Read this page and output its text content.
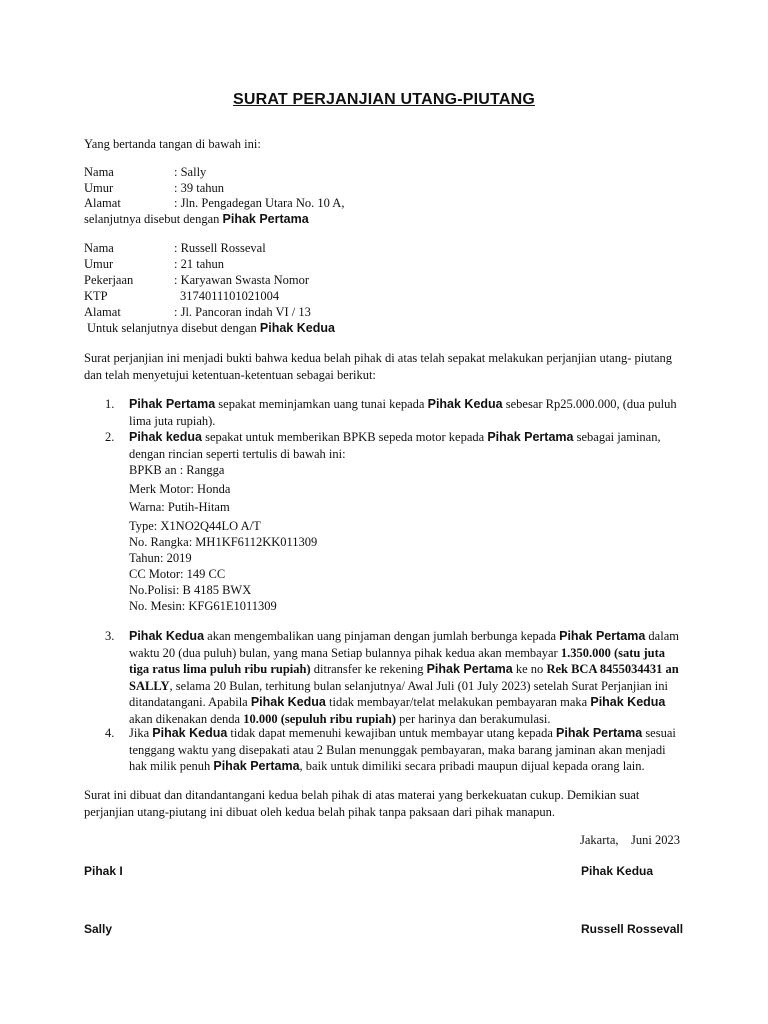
SURAT PERJANJIAN UTANG-PIUTANG
Yang bertanda tangan di bawah ini:
Nama	: Sally
Umur	: 39 tahun
Alamat	: Jln. Pengadegan Utara No. 10 A,
selanjutnya disebut dengan Pihak Pertama
Nama	: Russell Rosseval
Umur	: 21 tahun
Pekerjaan	: Karyawan Swasta Nomor
KTP	3174011101021004
Alamat	: Jl. Pancoran indah VI / 13
Untuk selanjutnya disebut dengan Pihak Kedua
Surat perjanjian ini menjadi bukti bahwa kedua belah pihak di atas telah sepakat melakukan perjanjian utang- piutang dan telah menyetujui ketentuan-ketentuan sebagai berikut:
1. Pihak Pertama sepakat meminjamkan uang tunai kepada Pihak Kedua sebesar Rp25.000.000, (dua puluh lima juta rupiah).
2. Pihak kedua sepakat untuk memberikan BPKB sepeda motor kepada Pihak Pertama sebagai jaminan, dengan rincian seperti tertulis di bawah ini:
BPKB an : Rangga
Merk Motor: Honda
Warna: Putih-Hitam
Type: X1NO2Q44LO A/T
No. Rangka: MH1KF6112KK011309
Tahun: 2019
CC Motor: 149 CC
No.Polisi: B 4185 BWX
No. Mesin: KFG61E1011309
3. Pihak Kedua akan mengembalikan uang pinjaman dengan jumlah berbunga kepada Pihak Pertama dalam waktu 20 (dua puluh) bulan, yang mana Setiap bulannya pihak kedua akan membayar 1.350.000 (satu juta tiga ratus lima puluh ribu rupiah) ditransfer ke rekening Pihak Pertama ke no Rek BCA 8455034431 an SALLY, selama 20 Bulan, terhitung bulan selanjutnya/ Awal Juli (01 July 2023) setelah Surat Perjanjian ini ditandatangani. Apabila Pihak Kedua tidak membayar/telat melakukan pembayaran maka Pihak Kedua akan dikenakan denda 10.000 (sepuluh ribu rupiah) per harinya dan berakumulasi.
4. Jika Pihak Kedua tidak dapat memenuhi kewajiban untuk membayar utang kepada Pihak Pertama sesuai tenggang waktu yang disepakati atau 2 Bulan menunggak pembayaran, maka barang jaminan akan menjadi hak milik penuh Pihak Pertama, baik untuk dimiliki secara pribadi maupun dijual kepada orang lain.
Surat ini dibuat dan ditandantangani kedua belah pihak di atas materai yang berkekuatan cukup. Demikian suat perjanjian utang-piutang ini dibuat oleh kedua belah pihak tanpa paksaan dari pihak manapun.
Jakarta,    Juni 2023
Pihak I	Pihak Kedua
Sally	Russell Rossevall
